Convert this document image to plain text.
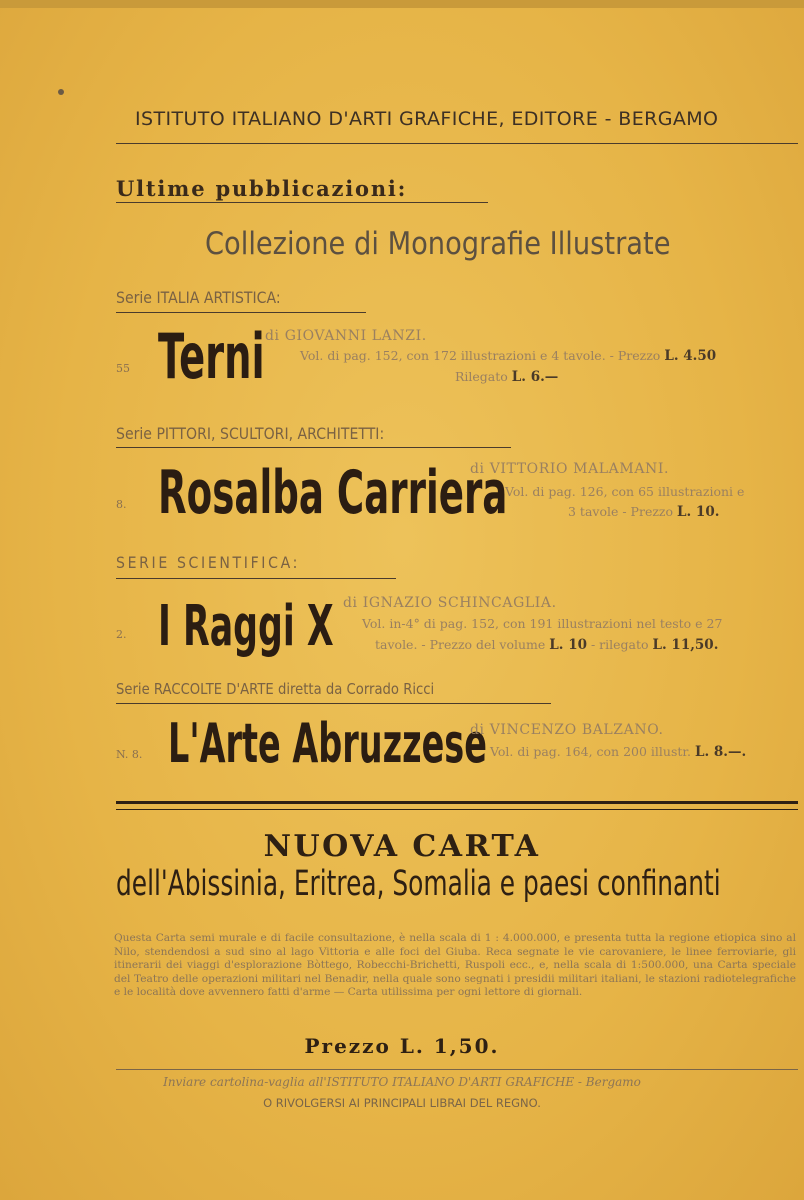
ISTITUTO ITALIANO D'ARTI GRAFICHE, EDITORE - BERGAMO
Ultime pubblicazioni:
Collezione di Monografie Illustrate
Serie ITALIA ARTISTICA:
55 Terni di GIOVANNI LANZI.
Vol. di pag. 152, con 172 illustrazioni e 4 tavole. - Prezzo L. 4.50
Rilegato L. 6.—
Serie PITTORI, SCULTORI, ARCHITETTI:
8. Rosalba Carriera
di VITTORIO MALAMANI.
Vol. di pag. 126, con 65 illustrazioni e
3 tavole - Prezzo L. 10.
SERIE SCIENTIFICA:
2. I Raggi X di IGNAZIO SCHINCAGLIA.
Vol. in-4° di pag. 152, con 191 illustrazioni nel testo e 27
tavole. - Prezzo del volume L. 10 - rilegato L. 11,50.
Serie RACCOLTE D'ARTE diretta da Corrado Ricci
N. 8. L'Arte Abruzzese
di VINCENZO BALZANO.
Vol. di pag. 164, con 200 illustr. L. 8.—.
NUOVA CARTA
dell'Abissinia, Eritrea, Somalia e paesi confinanti
Questa Carta semi murale e di facile consultazione, è nella scala di 1 : 4.000.000, e presenta tutta la regione etiopica sino al Nilo, stendendosi a sud sino al lago Vittoria e alle foci del Giuba. Reca segnate le vie carovaniere, le linee ferroviarie, gli itinerarii dei viaggi d'esplorazione Bòttego, Robecchi-Brichetti, Ruspoli ecc., e, nella scala di 1:500.000, una Carta speciale del Teatro delle operazioni militari nel Benadir, nella quale sono segnati i presidii militari italiani, le stazioni radiotelegrafiche e le località dove avvennero fatti d'arme — Carta utilissima per ogni lettore di giornali.
Prezzo L. 1,50.
Inviare cartolina-vaglia all'ISTITUTO ITALIANO D'ARTI GRAFICHE - Bergamo
O RIVOLGERSI AI PRINCIPALI LIBRAI DEL REGNO.
